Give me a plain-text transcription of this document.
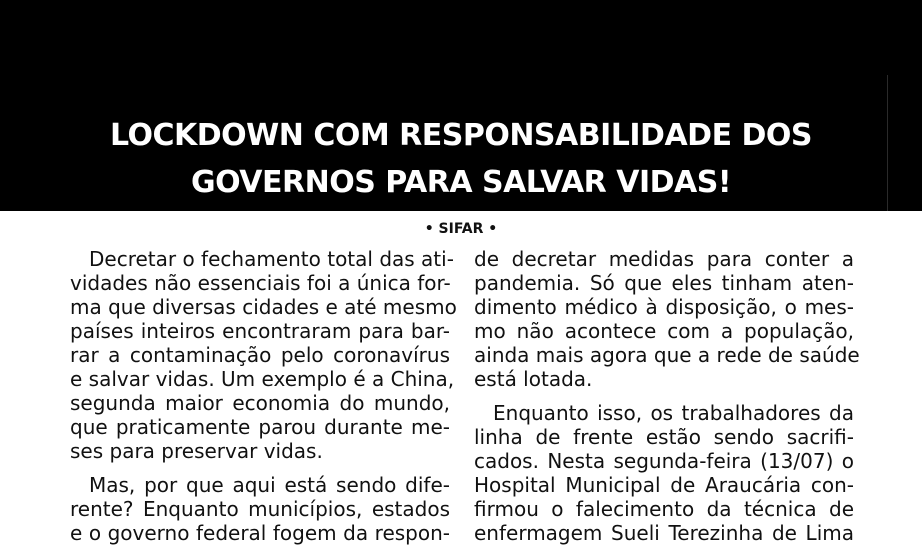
LOCKDOWN COM RESPONSABILIDADE DOS
GOVERNOS PARA SALVAR VIDAS!
• SIFAR •
Decretar o fechamento total das ati-
vidades não essenciais foi a única for-
ma que diversas cidades e até mesmo
países inteiros encontraram para bar-
rar a contaminação pelo coronavírus
e salvar vidas. Um exemplo é a China,
segunda maior economia do mundo,
que praticamente parou durante me-
ses para preservar vidas.
Mas, por que aqui está sendo dife-
rente? Enquanto municípios, estados
e o governo federal fogem da respon-
de decretar medidas para conter a
pandemia. Só que eles tinham aten-
dimento médico à disposição, o mes-
mo não acontece com a população,
ainda mais agora que a rede de saúde
está lotada.
Enquanto isso, os trabalhadores da
linha de frente estão sendo sacrifi-
cados. Nesta segunda-feira (13/07) o
Hospital Municipal de Araucária con-
firmou o falecimento da técnica de
enfermagem Sueli Terezinha de Lima
